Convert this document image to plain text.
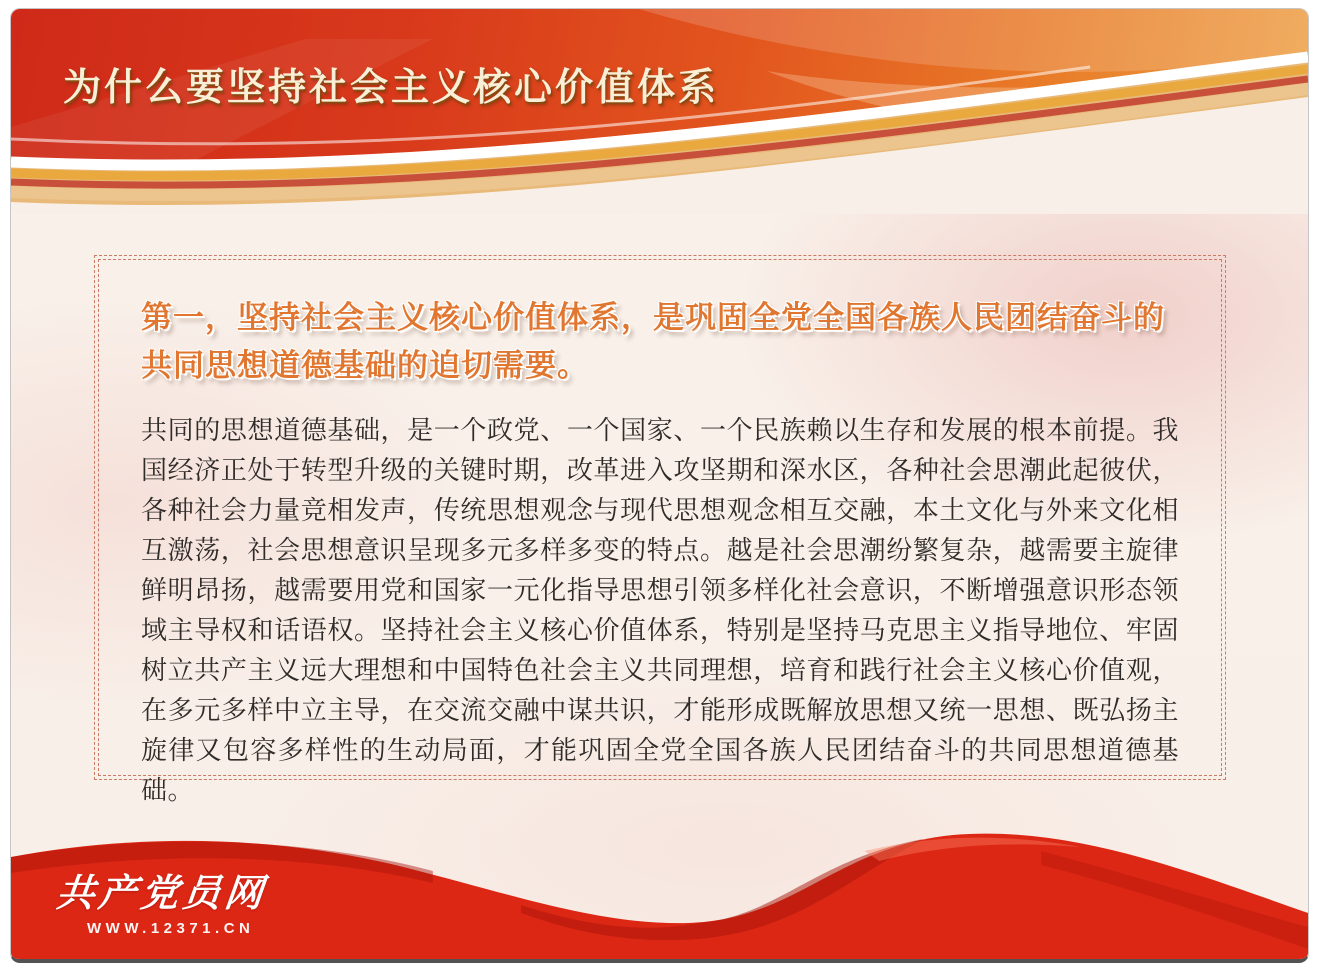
为什么要坚持社会主义核心价值体系
第一，坚持社会主义核心价值体系，是巩固全党全国各族人民团结奋斗的共同思想道德基础的迫切需要。

共同的思想道德基础，是一个政党、一个国家、一个民族赖以生存和发展的根本前提。我国经济正处于转型升级的关键时期，改革进入攻坚期和深水区，各种社会思潮此起彼伏，各种社会力量竞相发声，传统思想观念与现代思想观念相互交融，本土文化与外来文化相互激荡，社会思想意识呈现多元多样多变的特点。越是社会思潮纷繁复杂，越需要主旋律鲜明昂扬，越需要用党和国家一元化指导思想引领多样化社会意识，不断增强意识形态领域主导权和话语权。坚持社会主义核心价值体系，特别是坚持马克思主义指导地位、牢固树立共产主义远大理想和中国特色社会主义共同理想，培育和践行社会主义核心价值观，在多元多样中立主导，在交流交融中谋共识，才能形成既解放思想又统一思想、既弘扬主旋律又包容多样性的生动局面，才能巩固全党全国各族人民团结奋斗的共同思想道德基础。

共产党员网
WWW.12371.CN
